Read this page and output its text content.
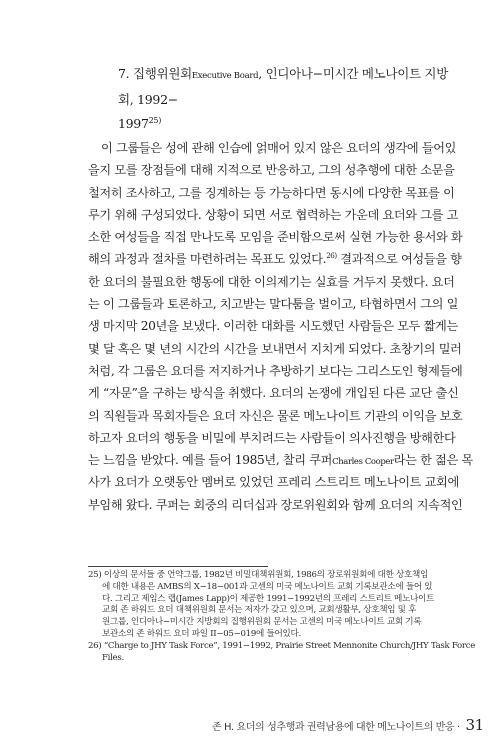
7. 집행위원회Executive Board, 인디아나−미시간 메노나이트 지방회, 1992−
$1997^{25)}$
이 그룹들은 성에 관해 인습에 얽매어 있지 않은 요더의 생각에 들어있
을지 모를 장점들에 대해 지적으로 반응하고, 그의 성추행에 대한 소문을
철저히 조사하고, 그를 징계하는 등 가능하다면 동시에 다양한 목표를 이
루기 위해 구성되었다. 상황이 되면 서로 협력하는 가운데 요더와 그를 고
소한 여성들을 직접 만나도록 모임을 준비함으로써 실현 가능한 용서와 화
해의 과정과 절차를 마련하려는 목표도 있었다.$^{26)}$ 결과적으로 여성들을 향
한 요더의 불필요한 행동에 대한 이의제기는 실효를 거두지 못했다. 요더
는 이 그룹들과 토론하고, 치고받는 말다툼을 벌이고, 타협하면서 그의 일
생 마지막 20년을 보냈다. 이러한 대화를 시도했던 사람들은 모두 짧게는
몇 달 혹은 몇 년의 시간의 시간을 보내면서 지치게 되었다. 초창기의 밀러
처럼, 각 그룹은 요더를 저지하거나 추방하기 보다는 그리스도인 형제들에
게 “자문”을 구하는 방식을 취했다. 요더의 논쟁에 개입된 다른 교단 출신
의 직원들과 목회자들은 요더 자신은 물론 메노나이트 기관의 이익을 보호
하고자 요더의 행동을 비밀에 부치려드는 사람들이 의사진행을 방해한다
는 느낌을 받았다. 예를 들어 1985년, 찰리 쿠퍼Charles Cooper라는 한 젊은 목
사가 요더가 오랫동안 멤버로 있었던 프레리 스트리트 메노나이트 교회에
부임해 왔다. 쿠퍼는 회중의 리더십과 장로위원회와 함께 요더의 지속적인
25) 이상의 문서들 중 언약그룹, 1982년 비밀대책위원회, 1986의 장로위원회에 대한 상호책임
에 대한 내용은 AMBS의 X−18−001과 고센의 미국 메노나이트 교회 기록보관소에 들어 있
다. 그리고 제임스 랩(James Lapp)이 제공한 1991−1992년의 프레리 스트리트 메노나이트
교회 존 하워드 요더 대책위원회 문서는 저자가 갖고 있으며, 교회생활부, 상호책임 및 후
원그룹, 인디아나−미시간 지방회의 집행위원회 문서는 고센의 미국 메노나이트 교회 기록
보관소의 존 하워드 요더 파일 II−05−019에 들어있다.
26) “Charge to JHY Task Force”, 1991−1992, Prairie Street Mennonite Church/JHY Task Force
Files.
존 H. 요더의 성추행과 권력남용에 대한 메노나이트의 반응 · 31
